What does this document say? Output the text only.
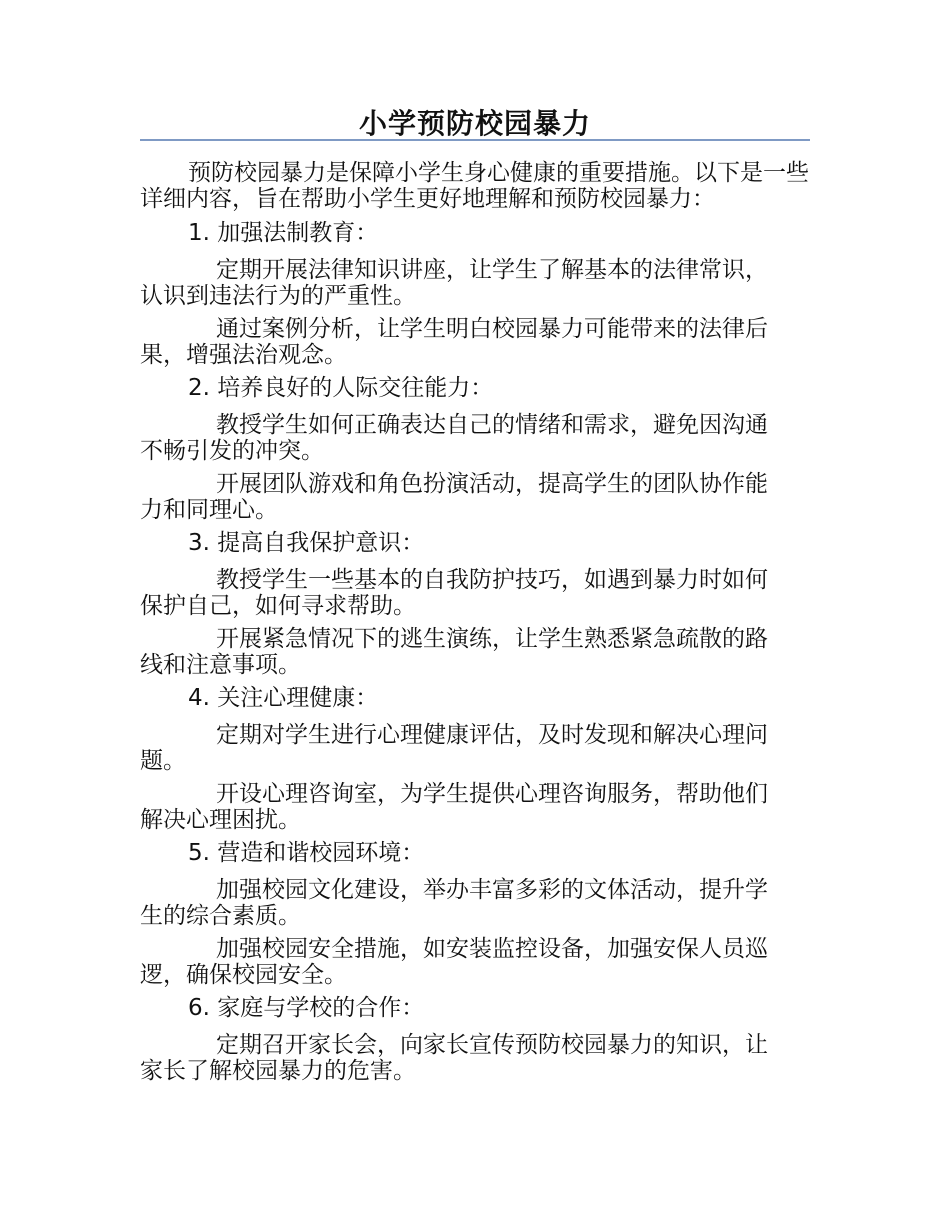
小学预防校园暴力

预防校园暴力是保障小学生身心健康的重要措施。以下是一些详细内容，旨在帮助小学生更好地理解和预防校园暴力：

1. 加强法制教育：

定期开展法律知识讲座，让学生了解基本的法律常识，认识到违法行为的严重性。

通过案例分析，让学生明白校园暴力可能带来的法律后果，增强法治观念。

2. 培养良好的人际交往能力：

教授学生如何正确表达自己的情绪和需求，避免因沟通不畅引发的冲突。

开展团队游戏和角色扮演活动，提高学生的团队协作能力和同理心。

3. 提高自我保护意识：

教授学生一些基本的自我防护技巧，如遇到暴力时如何保护自己，如何寻求帮助。

开展紧急情况下的逃生演练，让学生熟悉紧急疏散的路线和注意事项。

4. 关注心理健康：

定期对学生进行心理健康评估，及时发现和解决心理问题。

开设心理咨询室，为学生提供心理咨询服务，帮助他们解决心理困扰。

5. 营造和谐校园环境：

加强校园文化建设，举办丰富多彩的文体活动，提升学生的综合素质。

加强校园安全措施，如安装监控设备，加强安保人员巡逻，确保校园安全。

6. 家庭与学校的合作：

定期召开家长会，向家长宣传预防校园暴力的知识，让家长了解校园暴力的危害。
